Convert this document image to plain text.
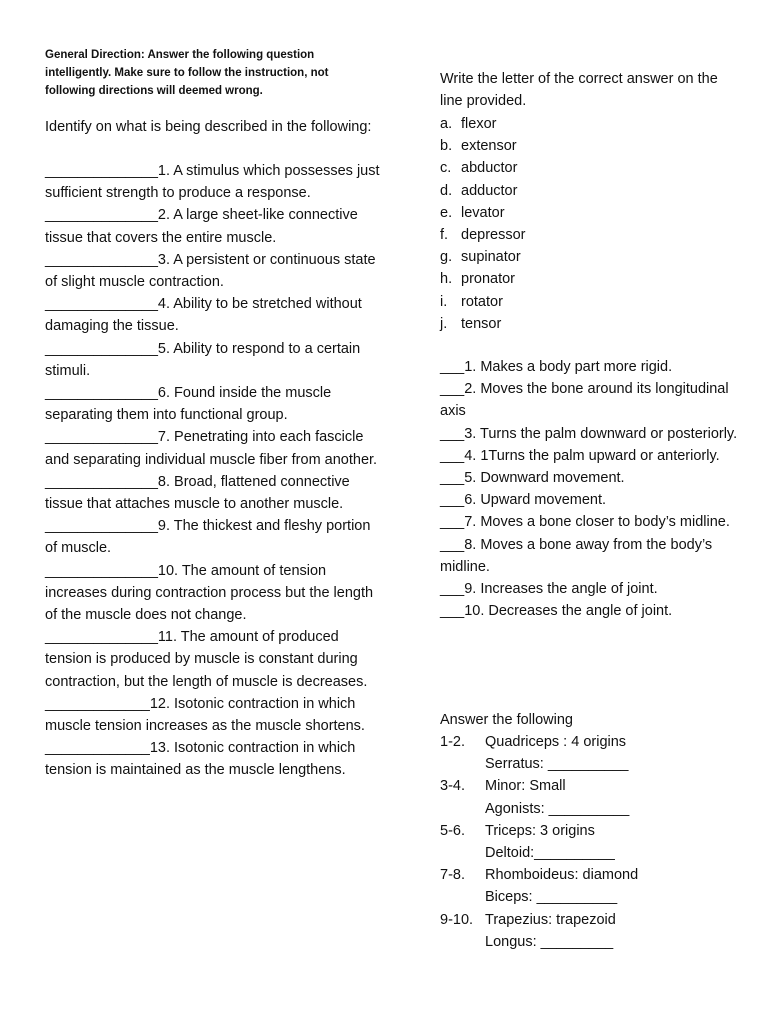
General Direction: Answer the following question intelligently. Make sure to follow the instruction, not following directions will deemed wrong.
Identify on what is being described in the following:

______________1. A stimulus which possesses just sufficient strength to produce a response.

______________2. A large sheet-like connective tissue that covers the entire muscle.

______________3. A persistent or continuous state of slight muscle contraction.

______________4. Ability to be stretched without damaging the tissue.

______________5. Ability to respond to a certain stimuli.

______________6. Found inside the muscle separating them into functional group.

______________7. Penetrating into each fascicle and separating individual muscle fiber from another.

______________8. Broad, flattened connective tissue that attaches muscle to another muscle.

______________9. The thickest and fleshy portion of muscle.

______________10. The amount of tension increases during contraction process but the length of the muscle does not change.

______________11. The amount of produced tension is produced by muscle is constant during contraction, but the length of muscle is decreases.

_____________12. Isotonic contraction in which muscle tension increases as the muscle shortens.

_____________13. Isotonic contraction in which tension is maintained as the muscle lengthens.

Write the letter of the correct answer on the line provided.
a. flexor
b. extensor
c. abductor
d. adductor
e. levator
f. depressor
g. supinator
h. pronator
i. rotator
j. tensor
___1. Makes a body part more rigid.
___2. Moves the bone around its longitudinal axis
___3. Turns the palm downward or posteriorly.
___4. 1Turns the palm upward or anteriorly.
___5. Downward movement.
___6. Upward movement.
___7. Moves a bone closer to body’s midline.
___8. Moves a bone away from the body’s midline.
___9. Increases the angle of joint.
___10. Decreases the angle of joint.
Answer the following
1-2.	Quadriceps : 4 origins
Serratus: __________
3-4.	Minor: Small
Agonists: __________
5-6.	Triceps: 3 origins
Deltoid:__________
7-8.	Rhomboideus: diamond
Biceps: __________
9-10. Trapezius: trapezoid
Longus: _________
